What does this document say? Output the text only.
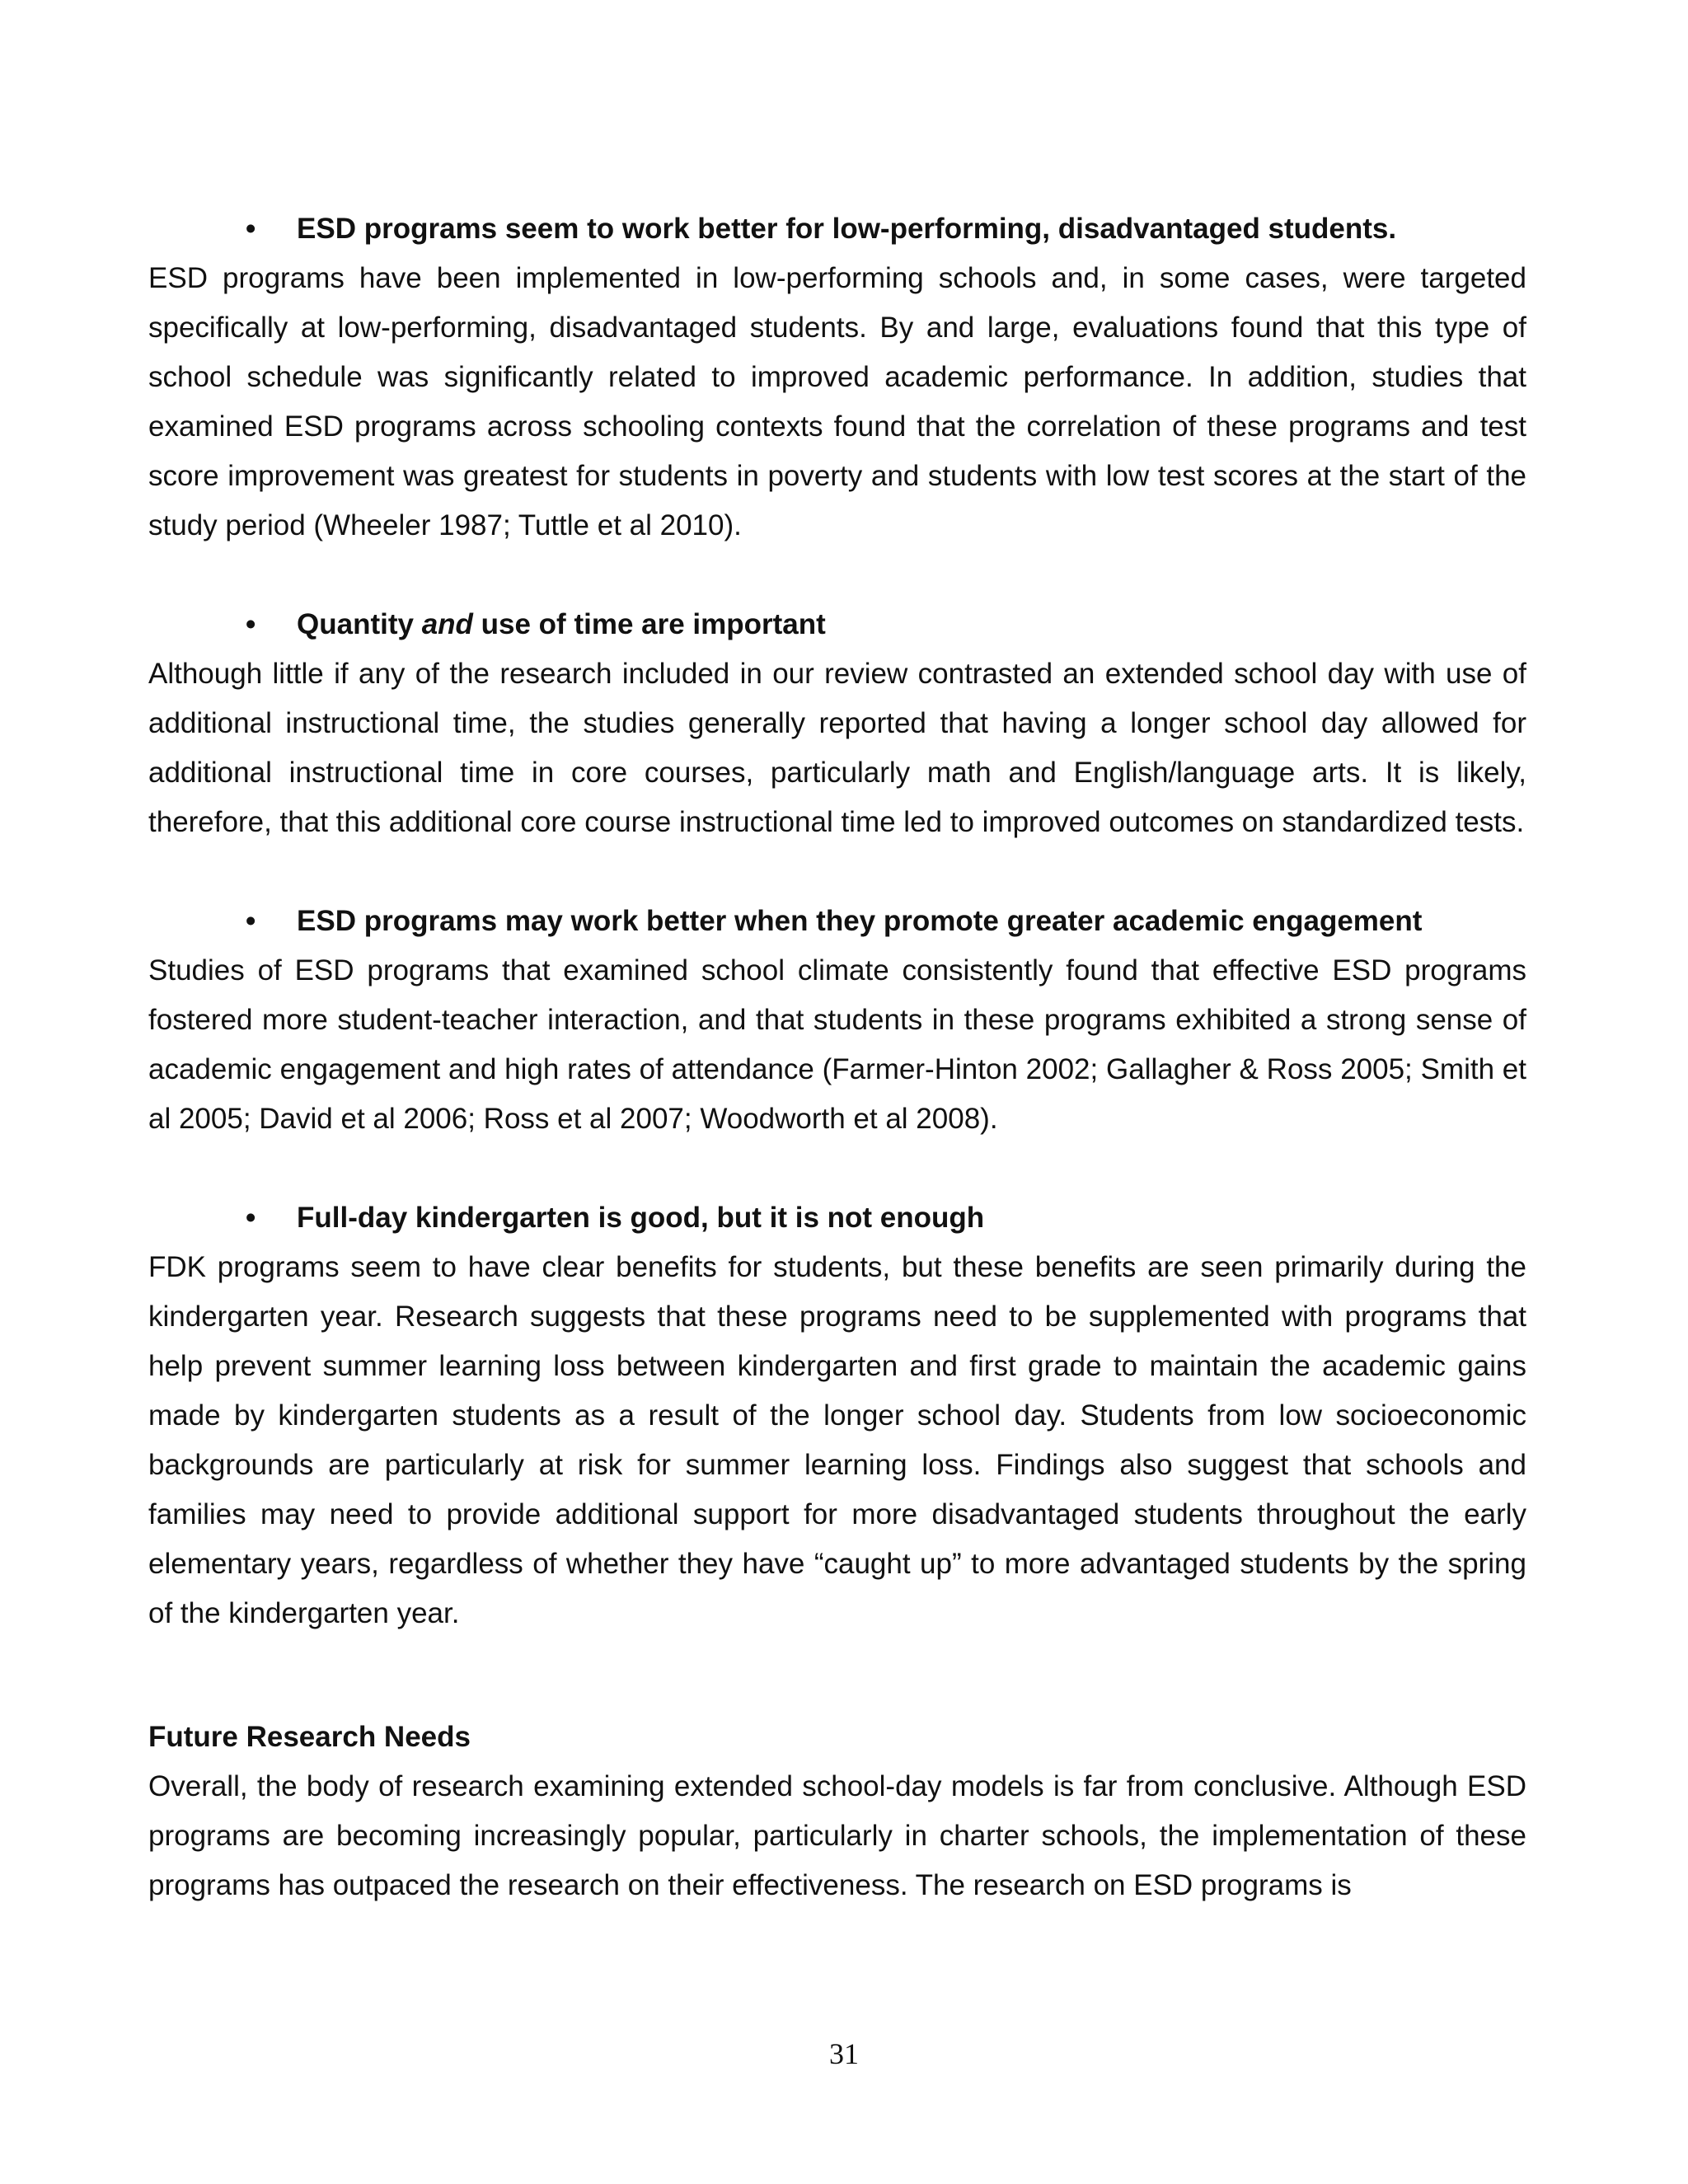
• ESD programs seem to work better for low-performing, disadvantaged students.

ESD programs have been implemented in low-performing schools and, in some cases, were targeted specifically at low-performing, disadvantaged students. By and large, evaluations found that this type of school schedule was significantly related to improved academic performance. In addition, studies that examined ESD programs across schooling contexts found that the correlation of these programs and test score improvement was greatest for students in poverty and students with low test scores at the start of the study period (Wheeler 1987; Tuttle et al 2010).

• Quantity and use of time are important

Although little if any of the research included in our review contrasted an extended school day with use of additional instructional time, the studies generally reported that having a longer school day allowed for additional instructional time in core courses, particularly math and English/language arts. It is likely, therefore, that this additional core course instructional time led to improved outcomes on standardized tests.

• ESD programs may work better when they promote greater academic engagement

Studies of ESD programs that examined school climate consistently found that effective ESD programs fostered more student-teacher interaction, and that students in these programs exhibited a strong sense of academic engagement and high rates of attendance (Farmer-Hinton 2002; Gallagher & Ross 2005; Smith et al 2005; David et al 2006; Ross et al 2007; Woodworth et al 2008).

• Full-day kindergarten is good, but it is not enough

FDK programs seem to have clear benefits for students, but these benefits are seen primarily during the kindergarten year. Research suggests that these programs need to be supplemented with programs that help prevent summer learning loss between kindergarten and first grade to maintain the academic gains made by kindergarten students as a result of the longer school day. Students from low socioeconomic backgrounds are particularly at risk for summer learning loss. Findings also suggest that schools and families may need to provide additional support for more disadvantaged students throughout the early elementary years, regardless of whether they have “caught up” to more advantaged students by the spring of the kindergarten year.

Future Research Needs

Overall, the body of research examining extended school-day models is far from conclusive. Although ESD programs are becoming increasingly popular, particularly in charter schools, the implementation of these programs has outpaced the research on their effectiveness. The research on ESD programs is

31
